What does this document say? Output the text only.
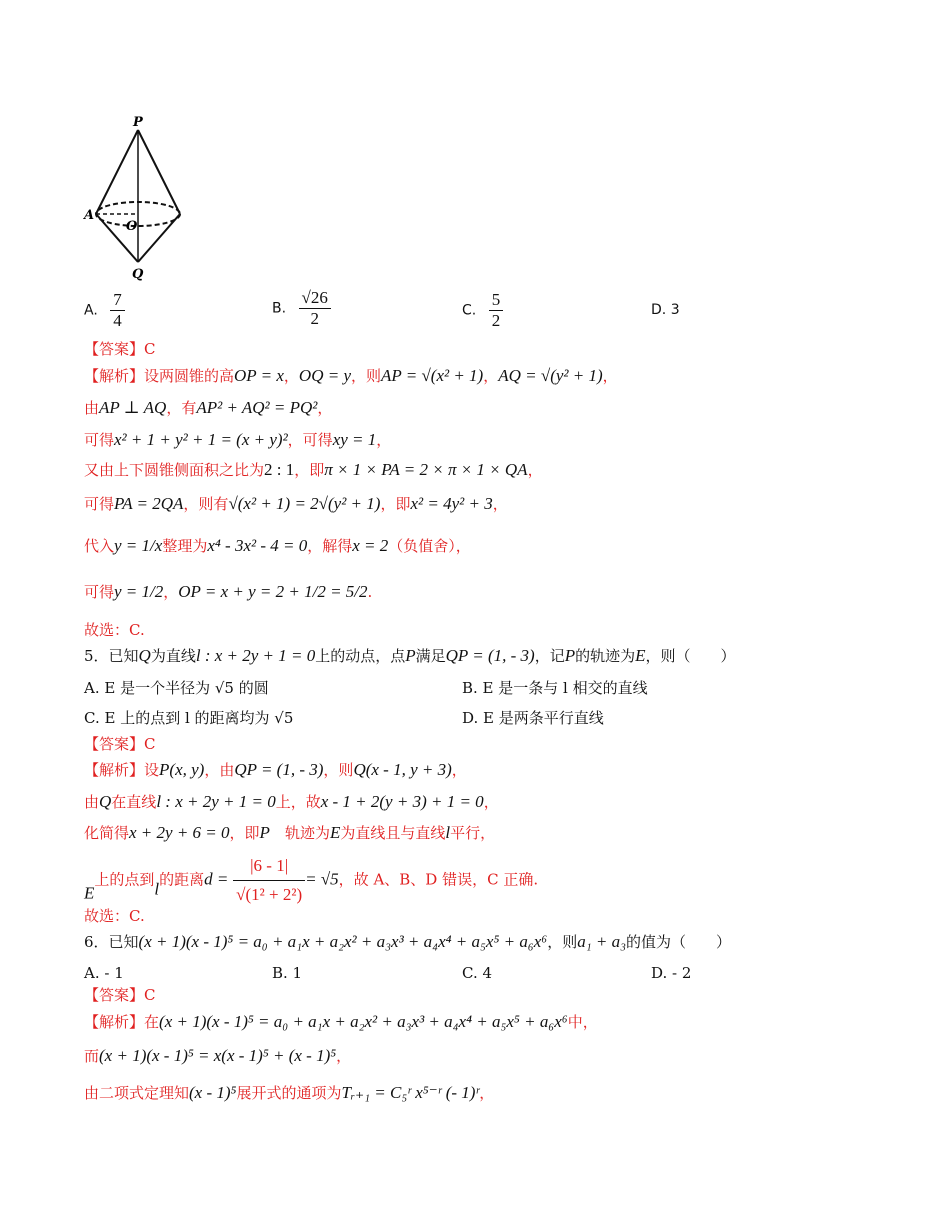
P
A
O
Q
A. $\frac{7}{4}$	B. $\frac{√26}{2}$	C. $\frac{5}{2}$	D. 3
【答案】C
【解析】设两圆锥的高OP = x，OQ = y，则AP = √(x² + 1)，AQ = √(y² + 1)，
由AP ⊥ AQ，有AP² + AQ² = PQ²，
可得x² + 1 + y² + 1 = (x + y)²，可得xy = 1，
又由上下圆锥侧面积之比为2 : 1，即π × 1 × PA = 2 × π × 1 × QA，
可得PA = 2QA，则有√(x² + 1) = 2√(y² + 1)，即x² = 4y² + 3，
代入y = 1/x整理为x⁴ - 3x² - 4 = 0，解得x = 2（负值舍），
可得y = 1/2，OP = x + y = 2 + 1/2 = 5/2.
故选：C.
5．已知Q为直线l : x + 2y + 1 = 0上的动点，点P满足QP = (1, - 3)，记P的轨迹为E，则（　　）
A. E 是一个半径为 √5 的圆	B. E 是一条与 l 相交的直线
C. E 上的点到 l 的距离均为 √5	D. E 是两条平行直线
【答案】C
【解析】设P(x, y)，由QP = (1, - 3)，则Q(x - 1, y + 3)，
由Q在直线l : x + 2y + 1 = 0上，故x - 1 + 2(y + 3) + 1 = 0，
化简得x + 2y + 6 = 0，即P　 轨迹为E为直线且与直线l平行，
E上的点到l的距离$d = \frac{|6 - 1|}{\text{√(1² + 2²)}} = √5$，故 A、B、D 错误，C 正确.
故选：C.
6．已知(x + 1)(x - 1)⁵ = a₀ + a₁x + a₂x² + a₃x³ + a₄x⁴ + a₅x⁵ + a₆x⁶，则a₁ + a₃的值为（　　）
A. - 1	B. 1	C. 4	D. - 2
【答案】C
【解析】在(x + 1)(x - 1)⁵ = a₀ + a₁x + a₂x² + a₃x³ + a₄x⁴ + a₅x⁵ + a₆x⁶中，
而(x + 1)(x - 1)⁵ = x(x - 1)⁵ + (x - 1)⁵，
由二项式定理知(x - 1)⁵展开式的通项为Tᵣ₊₁ = C₅ʳ x⁵⁻ʳ (- 1)ʳ，
